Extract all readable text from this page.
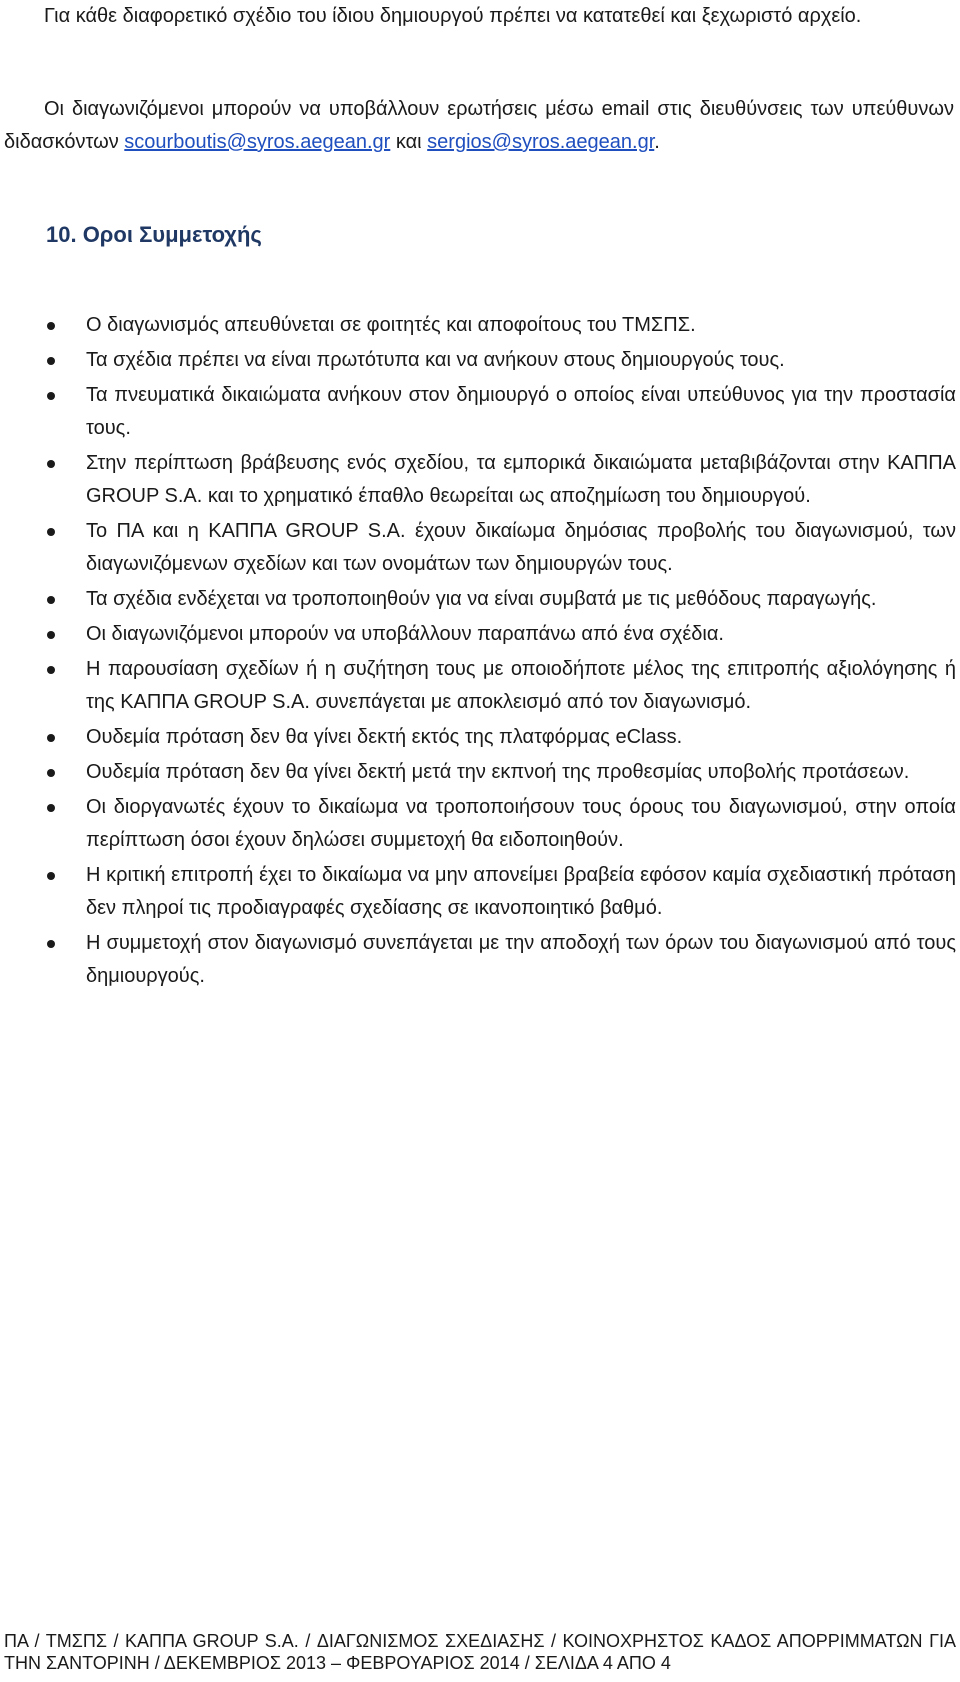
Για κάθε διαφορετικό σχέδιο του ίδιου δημιουργού πρέπει να κατατεθεί και ξεχωριστό αρχείο.

Οι διαγωνιζόμενοι μπορούν να υποβάλλουν ερωτήσεις μέσω email στις διευθύνσεις των υπεύθυνων διδασκόντων scourboutis@syros.aegean.gr και sergios@syros.aegean.gr.

10. Οροι Συμμετοχής
Ο διαγωνισμός απευθύνεται σε φοιτητές και αποφοίτους του ΤΜΣΠΣ.
Τα σχέδια πρέπει να είναι πρωτότυπα και να ανήκουν στους δημιουργούς τους.
Τα πνευματικά δικαιώματα ανήκουν στον δημιουργό ο οποίος είναι υπεύθυνος για την προστασία τους.
Στην περίπτωση βράβευσης ενός σχεδίου, τα εμπορικά δικαιώματα μεταβιβάζονται στην ΚΑΠΠΑ GROUP S.A. και το χρηματικό έπαθλο θεωρείται ως αποζημίωση του δημιουργού.
Το ΠΑ και η ΚΑΠΠΑ GROUP S.A. έχουν δικαίωμα δημόσιας προβολής του διαγωνισμού, των διαγωνιζόμενων σχεδίων και των ονομάτων των δημιουργών τους.
Τα σχέδια ενδέχεται να τροποποιηθούν για να είναι συμβατά με τις μεθόδους παραγωγής.
Οι διαγωνιζόμενοι μπορούν να υποβάλλουν παραπάνω από ένα σχέδια.
Η παρουσίαση σχεδίων ή η συζήτηση τους με οποιοδήποτε μέλος της επιτροπής αξιολόγησης ή της ΚΑΠΠΑ GROUP S.A. συνεπάγεται με αποκλεισμό από τον διαγωνισμό.
Ουδεμία πρόταση δεν θα γίνει δεκτή εκτός της πλατφόρμας eClass.
Ουδεμία πρόταση δεν θα γίνει δεκτή μετά την εκπνοή της προθεσμίας υποβολής προτάσεων.
Οι διοργανωτές έχουν το δικαίωμα να τροποποιήσουν τους όρους του διαγωνισμού, στην οποία περίπτωση όσοι έχουν δηλώσει συμμετοχή θα ειδοποιηθούν.
Η κριτική επιτροπή έχει το δικαίωμα να μην απονείμει βραβεία εφόσον καμία σχεδιαστική πρόταση δεν πληροί τις προδιαγραφές σχεδίασης σε ικανοποιητικό βαθμό.
Η συμμετοχή στον διαγωνισμό συνεπάγεται με την αποδοχή των όρων του διαγωνισμού από τους δημιουργούς.
ΠΑ / ΤΜΣΠΣ / ΚΑΠΠΑ GROUP S.A. / ΔΙΑΓΩΝΙΣΜΟΣ ΣΧΕΔΙΑΣΗΣ / ΚΟΙΝΟΧΡΗΣΤΟΣ ΚΑΔΟΣ ΑΠΟΡΡΙΜΜΑΤΩΝ ΓΙΑ ΤΗΝ ΣΑΝΤΟΡΙΝΗ / ΔΕΚΕΜΒΡΙΟΣ 2013 – ΦΕΒΡΟΥΑΡΙΟΣ 2014 / ΣΕΛΙΔΑ 4 ΑΠΟ 4
